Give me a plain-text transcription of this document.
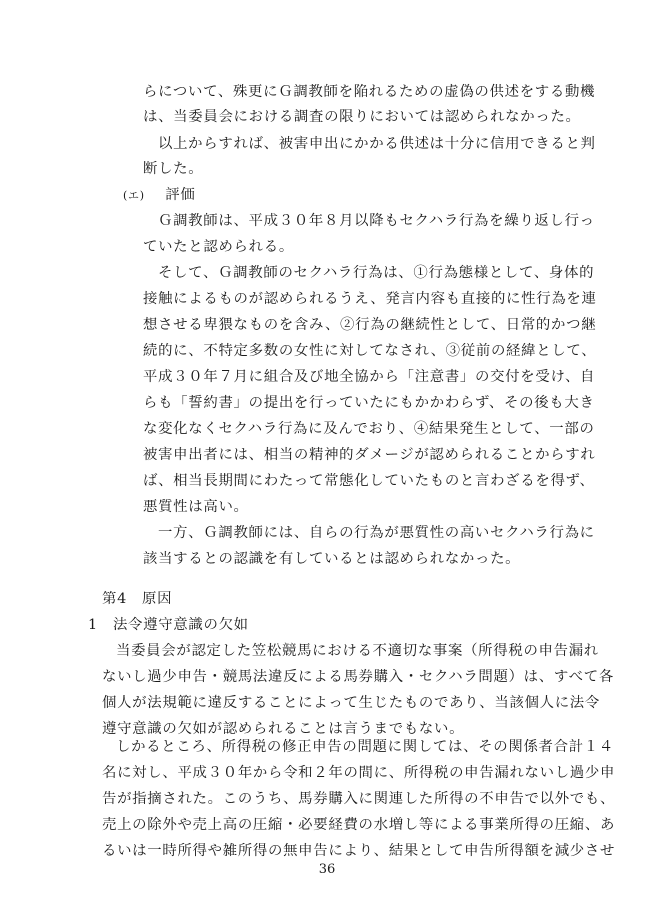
らについて、殊更にＧ調教師を陥れるための虚偽の供述をする動機
は、当委員会における調査の限りにおいては認められなかった。
以上からすれば、被害申出にかかる供述は十分に信用できると判
断した。
(エ) 評価
Ｇ調教師は、平成３０年８月以降もセクハラ行為を繰り返し行っ
ていたと認められる。
そして、Ｇ調教師のセクハラ行為は、①行為態様として、身体的
接触によるものが認められるうえ、発言内容も直接的に性行為を連
想させる卑猥なものを含み、②行為の継続性として、日常的かつ継
続的に、不特定多数の女性に対してなされ、③従前の経緯として、
平成３０年７月に組合及び地全協から「注意書」の交付を受け、自
らも「誓約書」の提出を行っていたにもかかわらず、その後も大き
な変化なくセクハラ行為に及んでおり、④結果発生として、一部の
被害申出者には、相当の精神的ダメージが認められることからすれ
ば、相当長期間にわたって常態化していたものと言わざるを得ず、
悪質性は高い。
一方、Ｇ調教師には、自らの行為が悪質性の高いセクハラ行為に
該当するとの認識を有しているとは認められなかった。
第4　原因
1　法令遵守意識の欠如
当委員会が認定した笠松競馬における不適切な事案（所得税の申告漏れ
ないし過少申告・競馬法違反による馬券購入・セクハラ問題）は、すべて各
個人が法規範に違反することによって生じたものであり、当該個人に法令
遵守意識の欠如が認められることは言うまでもない。
しかるところ、所得税の修正申告の問題に関しては、その関係者合計１４
名に対し、平成３０年から令和２年の間に、所得税の申告漏れないし過少申
告が指摘された。このうち、馬券購入に関連した所得の不申告で以外でも、
売上の除外や売上高の圧縮・必要経費の水増し等による事業所得の圧縮、あ
るいは一時所得や雑所得の無申告により、結果として申告所得額を減少させ
36
